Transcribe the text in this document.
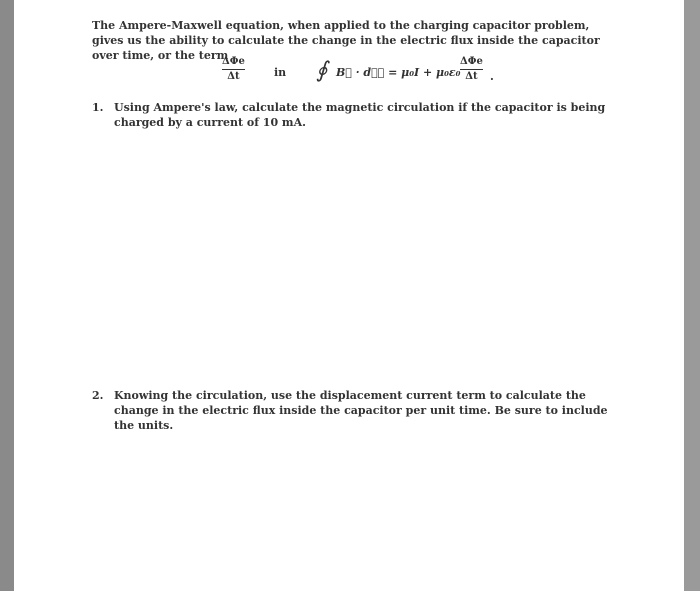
The Ampere-Maxwell equation, when applied to the charging capacitor problem, gives us the ability to calculate the change in the electric flux inside the capacitor over time, or the term
ΔΦe
Δt	in ∮ B⃗ · dℓ⃗ = μ₀I + μ₀ε₀
ΔΦe
Δt	.
1. Using Ampere's law, calculate the magnetic circulation if the capacitor is being charged by a current of 10 mA.
2. Knowing the circulation, use the displacement current term to calculate the change in the electric flux inside the capacitor per unit time. Be sure to include the units.
